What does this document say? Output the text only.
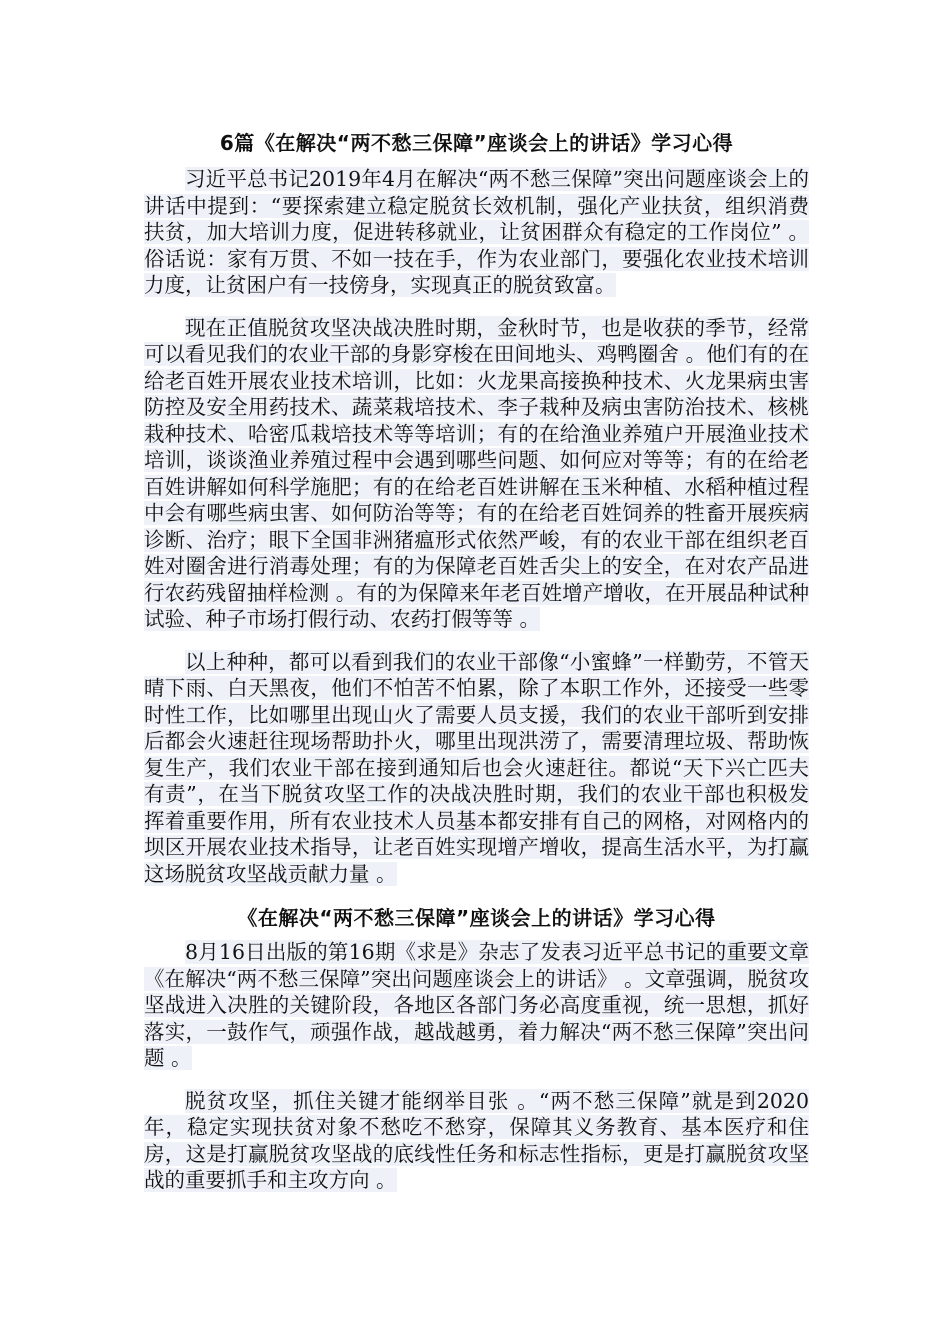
6篇《在解决“两不愁三保障”座谈会上的讲话》学习心得

习近平总书记2019年4月在解决“两不愁三保障”突出问题座谈会上的讲话中提到：“要探索建立稳定脱贫长效机制，强化产业扶贫，组织消费扶贫，加大培训力度，促进转移就业，让贫困群众有稳定的工作岗位” 。俗话说：家有万贯、不如一技在手，作为农业部门，要强化农业技术培训力度，让贫困户有一技傍身，实现真正的脱贫致富。

现在正值脱贫攻坚决战决胜时期，金秋时节，也是收获的季节，经常可以看见我们的农业干部的身影穿梭在田间地头、鸡鸭圈舍 。他们有的在给老百姓开展农业技术培训，比如：火龙果高接换种技术、火龙果病虫害防控及安全用药技术、蔬菜栽培技术、李子栽种及病虫害防治技术、核桃栽种技术、哈密瓜栽培技术等等培训；有的在给渔业养殖户开展渔业技术培训，谈谈渔业养殖过程中会遇到哪些问题、如何应对等等；有的在给老百姓讲解如何科学施肥；有的在给老百姓讲解在玉米种植、水稻种植过程中会有哪些病虫害、如何防治等等；有的在给老百姓饲养的牲畜开展疾病诊断、治疗；眼下全国非洲猪瘟形式依然严峻，有的农业干部在组织老百姓对圈舍进行消毒处理；有的为保障老百姓舌尖上的安全，在对农产品进行农药残留抽样检测 。有的为保障来年老百姓增产增收，在开展品种试种试验、种子市场打假行动、农药打假等等 。

以上种种，都可以看到我们的农业干部像“小蜜蜂”一样勤劳，不管天晴下雨、白天黑夜，他们不怕苦不怕累，除了本职工作外，还接受一些零时性工作，比如哪里出现山火了需要人员支援，我们的农业干部听到安排后都会火速赶往现场帮助扑火，哪里出现洪涝了，需要清理垃圾、帮助恢复生产，我们农业干部在接到通知后也会火速赶往。都说“天下兴亡匹夫有责”，在当下脱贫攻坚工作的决战决胜时期，我们的农业干部也积极发挥着重要作用，所有农业技术人员基本都安排有自己的网格，对网格内的坝区开展农业技术指导，让老百姓实现增产增收，提高生活水平，为打赢这场脱贫攻坚战贡献力量 。

《在解决“两不愁三保障”座谈会上的讲话》学习心得

8月16日出版的第16期《求是》杂志了发表习近平总书记的重要文章《在解决“两不愁三保障”突出问题座谈会上的讲话》 。文章强调，脱贫攻坚战进入决胜的关键阶段，各地区各部门务必高度重视，统一思想，抓好落实，一鼓作气，顽强作战，越战越勇，着力解决“两不愁三保障”突出问题 。

脱贫攻坚，抓住关键才能纲举目张 。“两不愁三保障”就是到2020年，稳定实现扶贫对象不愁吃不愁穿，保障其义务教育、基本医疗和住房，这是打赢脱贫攻坚战的底线性任务和标志性指标，更是打赢脱贫攻坚战的重要抓手和主攻方向 。
